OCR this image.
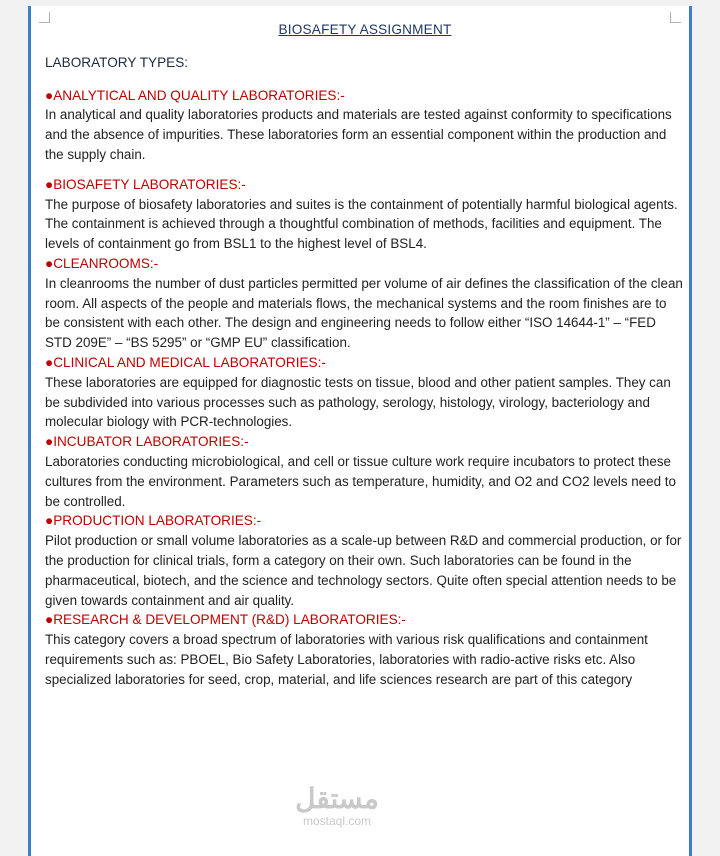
BIOSAFETY ASSIGNMENT
LABORATORY TYPES:
●ANALYTICAL AND QUALITY LABORATORIES:-

In analytical and quality laboratories products and materials are tested against conformity to specifications and the absence of impurities. These laboratories form an essential component within the production and the supply chain.

●BIOSAFETY LABORATORIES:-

The purpose of biosafety laboratories and suites is the containment of potentially harmful biological agents. The containment is achieved through a thoughtful combination of methods, facilities and equipment. The levels of containment go from BSL1 to the highest level of BSL4.

●CLEANROOMS:-

In cleanrooms the number of dust particles permitted per volume of air defines the classification of the clean room. All aspects of the people and materials flows, the mechanical systems and the room finishes are to be consistent with each other. The design and engineering needs to follow either “ISO 14644-1” – “FED STD 209E” – “BS 5295” or “GMP EU” classification.

●CLINICAL AND MEDICAL LABORATORIES:-

These laboratories are equipped for diagnostic tests on tissue, blood and other patient samples. They can be subdivided into various processes such as pathology, serology, histology, virology, bacteriology and molecular biology with PCR-technologies.

●INCUBATOR LABORATORIES:-

Laboratories conducting microbiological, and cell or tissue culture work require incubators to protect these cultures from the environment. Parameters such as temperature, humidity, and O2 and CO2 levels need to be controlled.

●PRODUCTION LABORATORIES:-

Pilot production or small volume laboratories as a scale-up between R&D and commercial production, or for the production for clinical trials, form a category on their own. Such laboratories can be found in the pharmaceutical, biotech, and the science and technology sectors. Quite often special attention needs to be given towards containment and air quality.

●RESEARCH & DEVELOPMENT (R&D) LABORATORIES:-

This category covers a broad spectrum of laboratories with various risk qualifications and containment requirements such as: PBOEL, Bio Safety Laboratories, laboratories with radio-active risks etc. Also specialized laboratories for seed, crop, material, and life sciences research are part of this category

مستقل
mostaql.com
